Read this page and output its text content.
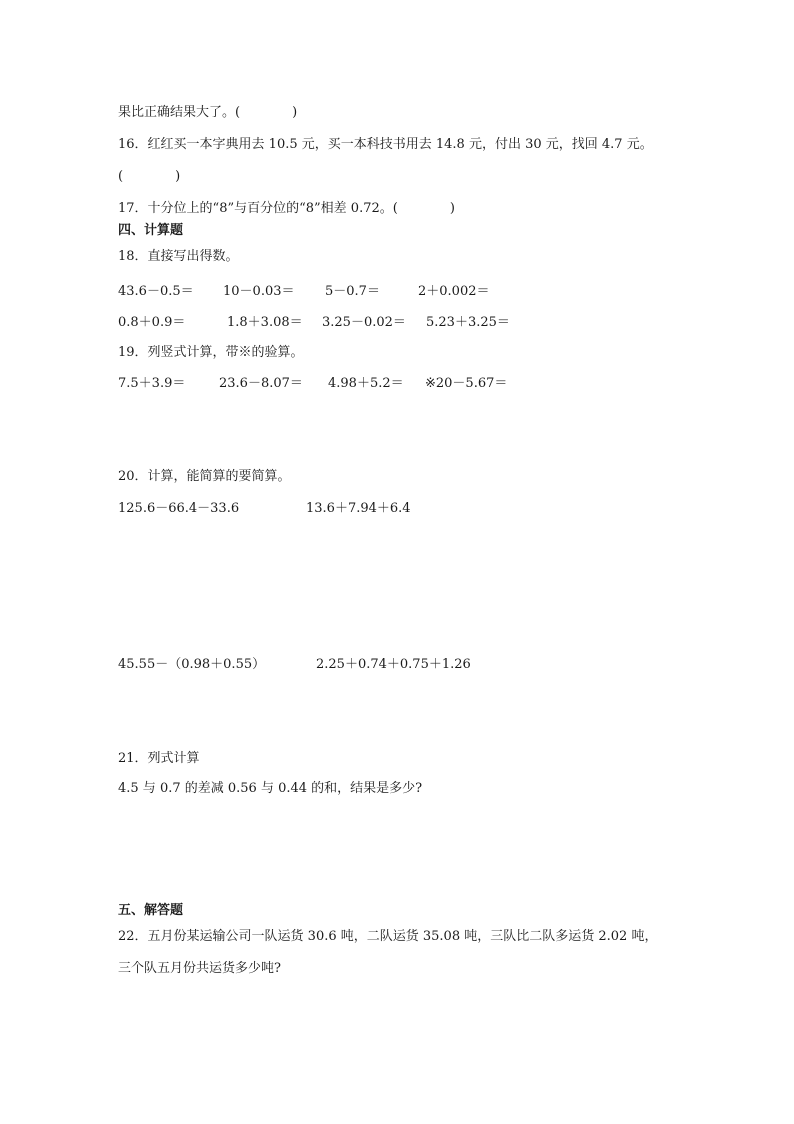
果比正确结果大了。(　　　　)
16．红红买一本字典用去 10.5 元，买一本科技书用去 14.8 元，付出 30 元，找回 4.7 元。
(　　　　)
17．十分位上的“8”与百分位的“8”相差 0.72。(　　　　)
四、计算题
18．直接写出得数。
43.6－0.5＝ 10－0.03＝ 5－0.7＝	2＋0.002＝
0.8＋0.9＝	1.8＋3.08＝ 3.25－0.02＝ 5.23＋3.25＝
19．列竖式计算，带※的验算。
7.5＋3.9＝	23.6－8.07＝ 4.98＋5.2＝ ※20－5.67＝
20．计算，能简算的要简算。
125.6－66.4－33.6	13.6＋7.94＋6.4
45.55－（0.98＋0.55）	2.25＋0.74＋0.75＋1.26
21．列式计算
4.5 与 0.7 的差减 0.56 与 0.44 的和，结果是多少?
五、解答题
22．五月份某运输公司一队运货 30.6 吨，二队运货 35.08 吨，三队比二队多运货 2.02 吨，
三个队五月份共运货多少吨?
